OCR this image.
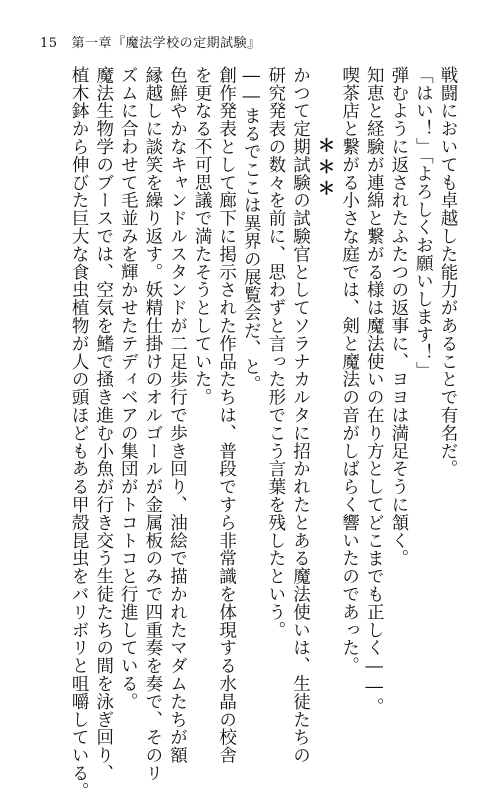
15 第一章『魔法学校の定期試験』
戦闘においても卓越した能力があることで有名だ。
「はい！」「よろしくお願いします！」
弾むように返されたふたつの返事に、ヨヨは満足そうに頷く。
知恵と経験が連綿と繋がる様は魔法使いの在り方としてどこまでも正しく――。
喫茶店と繋がる小さな庭では、剣と魔法の音がしばらく響いたのであった。
＊＊＊
かつて定期試験の試験官としてソラナカルタに招かれたとある魔法使いは、生徒たちの
研究発表の数々を前に、思わずと言った形でこう言葉を残したという。
――まるでここは異界の展覧会だ、と。
創作発表として廊下に掲示された作品たちは、普段ですら非常識を体現する水晶の校舎
を更なる不可思議で満たそうとしていた。
色鮮やかなキャンドルスタンドが二足歩行で歩き回り、油絵で描かれたマダムたちが額
縁越しに談笑を繰り返す。妖精仕掛けのオルゴールが金属板のみで四重奏を奏で、そのリ
ズムに合わせて毛並みを輝かせたテディベアの集団がトコトコと行進している。
魔法生物学のブースでは、空気を鰭で掻き進む小魚が行き交う生徒たちの間を泳ぎ回り、
植木鉢から伸びた巨大な食虫植物が人の頭ほどもある甲殻昆虫をバリボリと咀嚼している。
